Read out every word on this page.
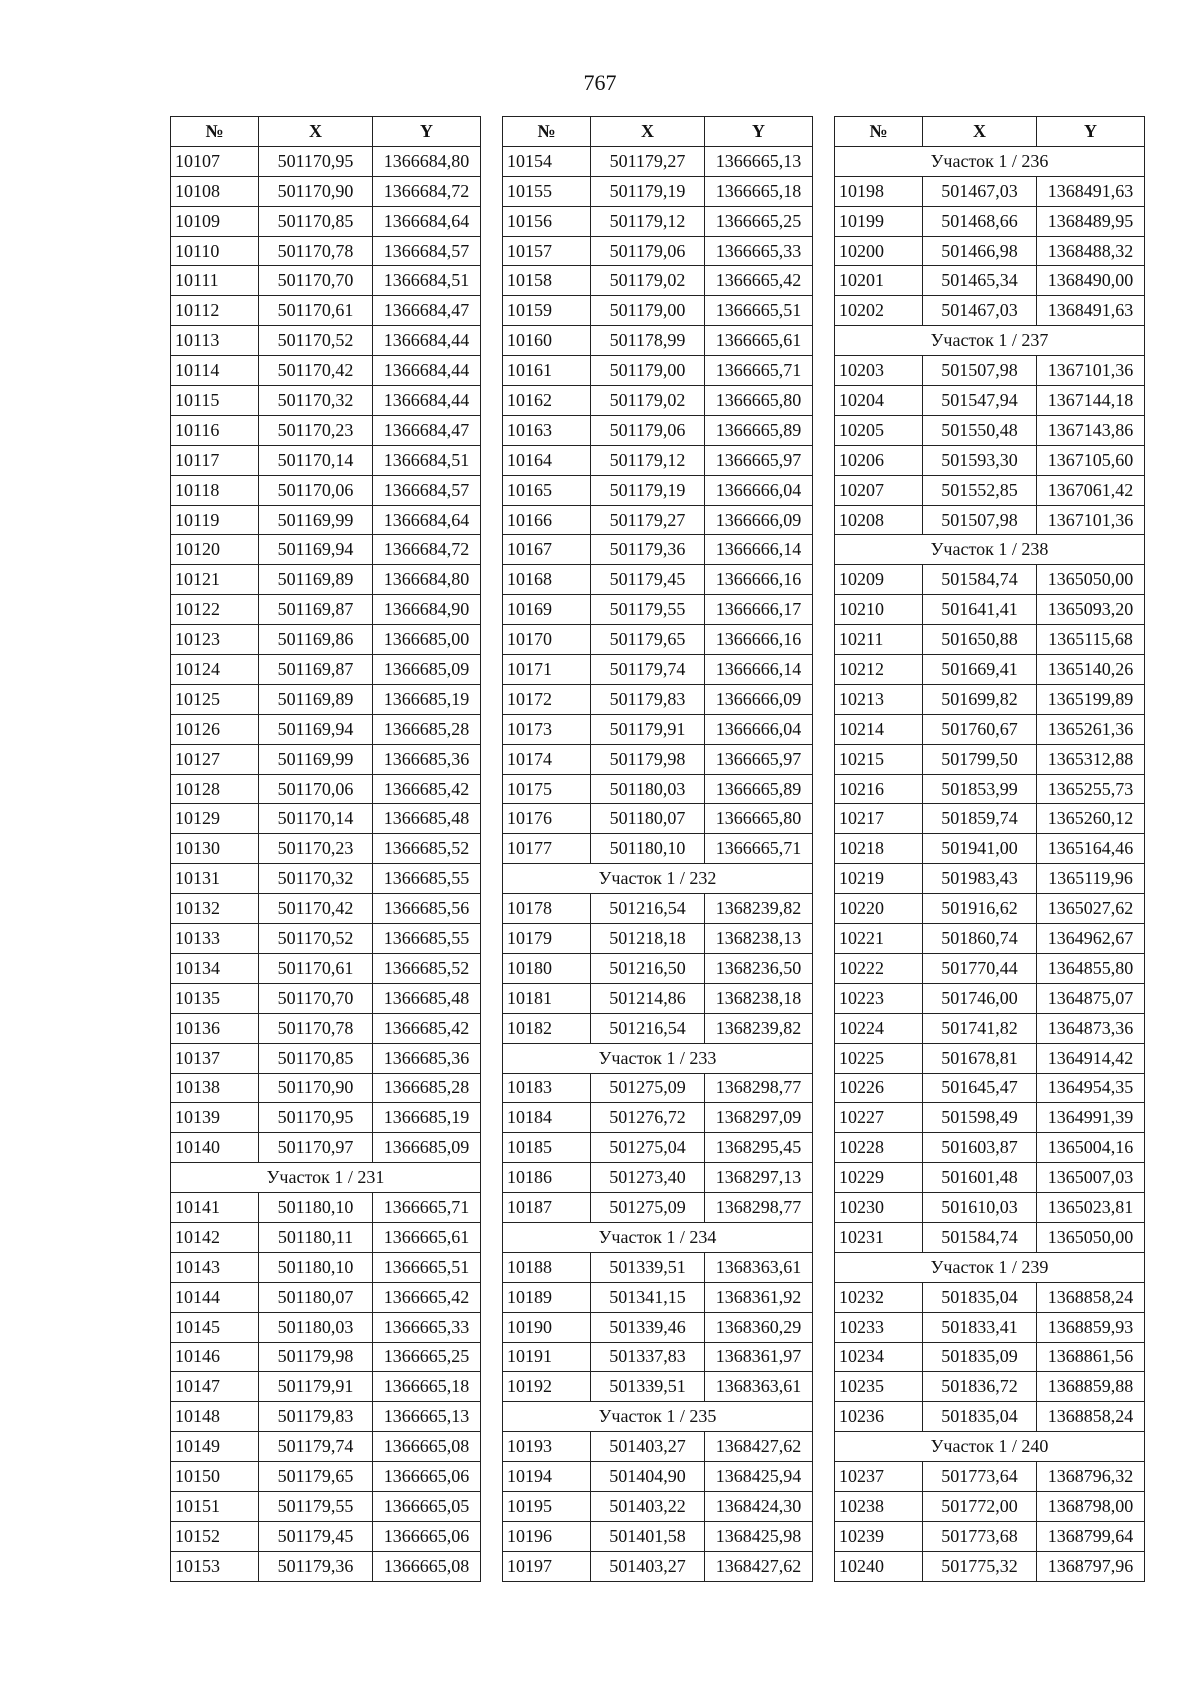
767
№	X	Y
10107	501170,95	1366684,80
10108	501170,90	1366684,72
10109	501170,85	1366684,64
10110	501170,78	1366684,57
10111	501170,70	1366684,51
10112	501170,61	1366684,47
10113	501170,52	1366684,44
10114	501170,42	1366684,44
10115	501170,32	1366684,44
10116	501170,23	1366684,47
10117	501170,14	1366684,51
10118	501170,06	1366684,57
10119	501169,99	1366684,64
10120	501169,94	1366684,72
10121	501169,89	1366684,80
10122	501169,87	1366684,90
10123	501169,86	1366685,00
10124	501169,87	1366685,09
10125	501169,89	1366685,19
10126	501169,94	1366685,28
10127	501169,99	1366685,36
10128	501170,06	1366685,42
10129	501170,14	1366685,48
10130	501170,23	1366685,52
10131	501170,32	1366685,55
10132	501170,42	1366685,56
10133	501170,52	1366685,55
10134	501170,61	1366685,52
10135	501170,70	1366685,48
10136	501170,78	1366685,42
10137	501170,85	1366685,36
10138	501170,90	1366685,28
10139	501170,95	1366685,19
10140	501170,97	1366685,09
Участок 1 / 231		
10141	501180,10	1366665,71
10142	501180,11	1366665,61
10143	501180,10	1366665,51
10144	501180,07	1366665,42
10145	501180,03	1366665,33
10146	501179,98	1366665,25
10147	501179,91	1366665,18
10148	501179,83	1366665,13
10149	501179,74	1366665,08
10150	501179,65	1366665,06
10151	501179,55	1366665,05
10152	501179,45	1366665,06
10153	501179,36	1366665,08
№	X	Y
10154	501179,27	1366665,13
10155	501179,19	1366665,18
10156	501179,12	1366665,25
10157	501179,06	1366665,33
10158	501179,02	1366665,42
10159	501179,00	1366665,51
10160	501178,99	1366665,61
10161	501179,00	1366665,71
10162	501179,02	1366665,80
10163	501179,06	1366665,89
10164	501179,12	1366665,97
10165	501179,19	1366666,04
10166	501179,27	1366666,09
10167	501179,36	1366666,14
10168	501179,45	1366666,16
10169	501179,55	1366666,17
10170	501179,65	1366666,16
10171	501179,74	1366666,14
10172	501179,83	1366666,09
10173	501179,91	1366666,04
10174	501179,98	1366665,97
10175	501180,03	1366665,89
10176	501180,07	1366665,80
10177	501180,10	1366665,71
Участок 1 / 232		
10178	501216,54	1368239,82
10179	501218,18	1368238,13
10180	501216,50	1368236,50
10181	501214,86	1368238,18
10182	501216,54	1368239,82
Участок 1 / 233		
10183	501275,09	1368298,77
10184	501276,72	1368297,09
10185	501275,04	1368295,45
10186	501273,40	1368297,13
10187	501275,09	1368298,77
Участок 1 / 234		
10188	501339,51	1368363,61
10189	501341,15	1368361,92
10190	501339,46	1368360,29
10191	501337,83	1368361,97
10192	501339,51	1368363,61
Участок 1 / 235		
10193	501403,27	1368427,62
10194	501404,90	1368425,94
10195	501403,22	1368424,30
10196	501401,58	1368425,98
10197	501403,27	1368427,62
№	X	Y
Участок 1 / 236		
10198	501467,03	1368491,63
10199	501468,66	1368489,95
10200	501466,98	1368488,32
10201	501465,34	1368490,00
10202	501467,03	1368491,63
Участок 1 / 237		
10203	501507,98	1367101,36
10204	501547,94	1367144,18
10205	501550,48	1367143,86
10206	501593,30	1367105,60
10207	501552,85	1367061,42
10208	501507,98	1367101,36
Участок 1 / 238		
10209	501584,74	1365050,00
10210	501641,41	1365093,20
10211	501650,88	1365115,68
10212	501669,41	1365140,26
10213	501699,82	1365199,89
10214	501760,67	1365261,36
10215	501799,50	1365312,88
10216	501853,99	1365255,73
10217	501859,74	1365260,12
10218	501941,00	1365164,46
10219	501983,43	1365119,96
10220	501916,62	1365027,62
10221	501860,74	1364962,67
10222	501770,44	1364855,80
10223	501746,00	1364875,07
10224	501741,82	1364873,36
10225	501678,81	1364914,42
10226	501645,47	1364954,35
10227	501598,49	1364991,39
10228	501603,87	1365004,16
10229	501601,48	1365007,03
10230	501610,03	1365023,81
10231	501584,74	1365050,00
Участок 1 / 239		
10232	501835,04	1368858,24
10233	501833,41	1368859,93
10234	501835,09	1368861,56
10235	501836,72	1368859,88
10236	501835,04	1368858,24
Участок 1 / 240		
10237	501773,64	1368796,32
10238	501772,00	1368798,00
10239	501773,68	1368799,64
10240	501775,32	1368797,96
